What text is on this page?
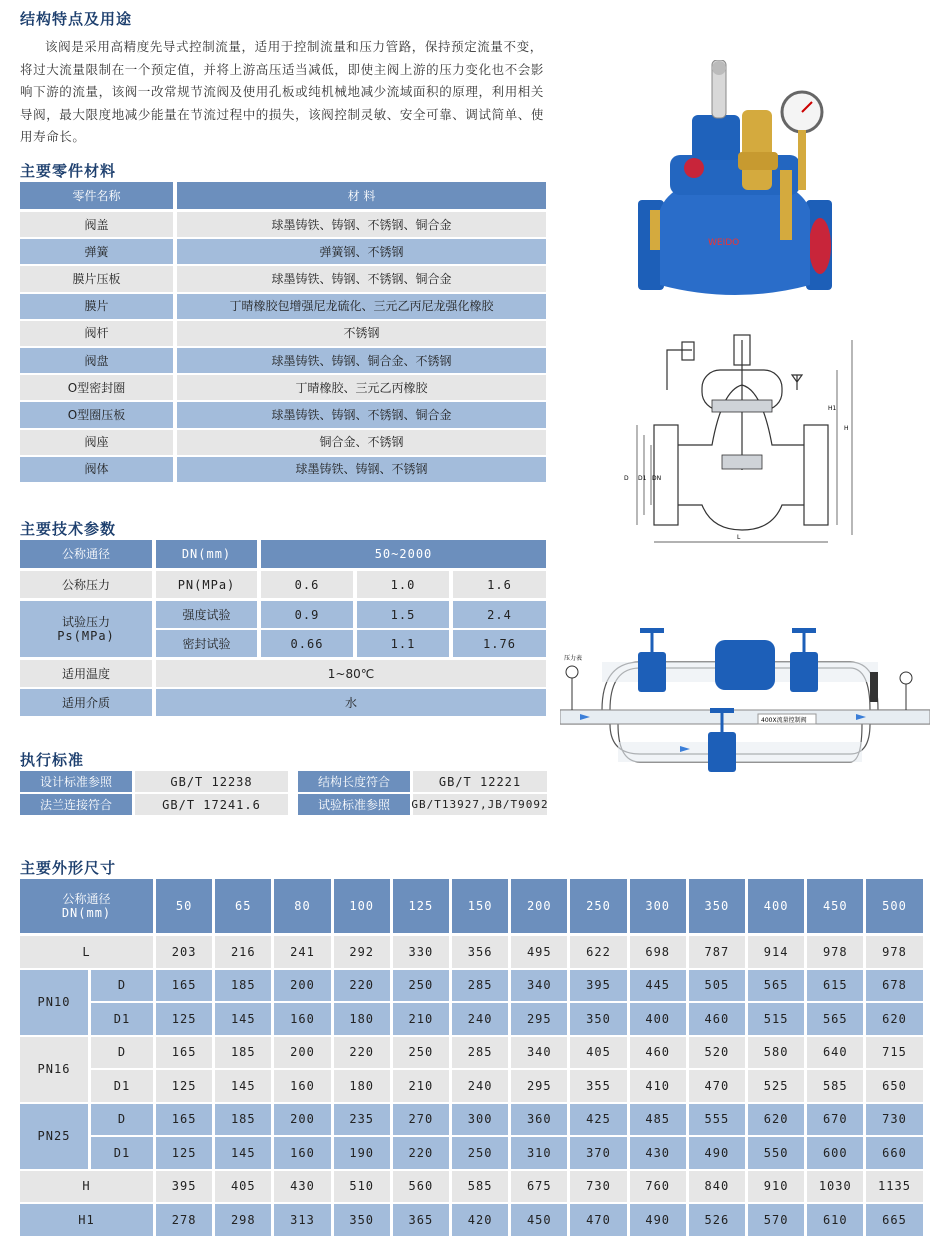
结构特点及用途
该阀是采用高精度先导式控制流量，适用于控制流量和压力管路，保持预定流量不变，将过大流量限制在一个预定值，并将上游高压适当减低，即使主阀上游的压力变化也不会影响下游的流量，该阀一改常规节流阀及使用孔板或纯机械地减少流域面积的原理，利用相关导阀，最大限度地减少能量在节流过程中的损失，该阀控制灵敏、安全可靠、调试简单、使用寿命长。
WEIDO
主要零件材料
零件名称	材 料
阀盖	球墨铸铁、铸钢、不锈钢、铜合金
弹簧	弹簧钢、不锈钢
膜片压板	球墨铸铁、铸钢、不锈钢、铜合金
膜片	丁晴橡胶包增强尼龙硫化、三元乙丙尼龙强化橡胶
阀杆	不锈钢
阀盘	球墨铸铁、铸钢、铜合金、不锈钢
O型密封圈	丁晴橡胶、三元乙丙橡胶
O型圈压板	球墨铸铁、铸钢、不锈钢、铜合金
阀座	铜合金、不锈钢
阀体	球墨铸铁、铸钢、不锈钢
D D1 DN
H1
H
L
主要技术参数
公称通径	DN(mm)	50~2000
公称压力	PN(MPa)	0.6	1.0	1.6
试验压力
Ps(MPa)
强度试验	0.9	1.5	2.4
密封试验	0.66	1.1	1.76
适用温度	1~80℃
适用介质	水
压力表
400X流量控制阀
执行标准
设计标准参照	GB/T 12238	结构长度符合	GB/T 12221
法兰连接符合	GB/T 17241.6	试验标准参照	GB/T13927,JB/T9092
主要外形尺寸
公称通径
DN(mm)	50	65	80	100	125	150	200	250	300	350	400	450	500
L	203	216	241	292	330	356	495	622	698	787	914	978	978
PN10
D	165	185	200	220	250	285	340	395	445	505	565	615	678
D1	125	145	160	180	210	240	295	350	400	460	515	565	620
PN16
D	165	185	200	220	250	285	340	405	460	520	580	640	715
D1	125	145	160	180	210	240	295	355	410	470	525	585	650
PN25
D	165	185	200	235	270	300	360	425	485	555	620	670	730
D1	125	145	160	190	220	250	310	370	430	490	550	600	660
H	395	405	430	510	560	585	675	730	760	840	910	1030	1135
H1	278	298	313	350	365	420	450	470	490	526	570	610	665
